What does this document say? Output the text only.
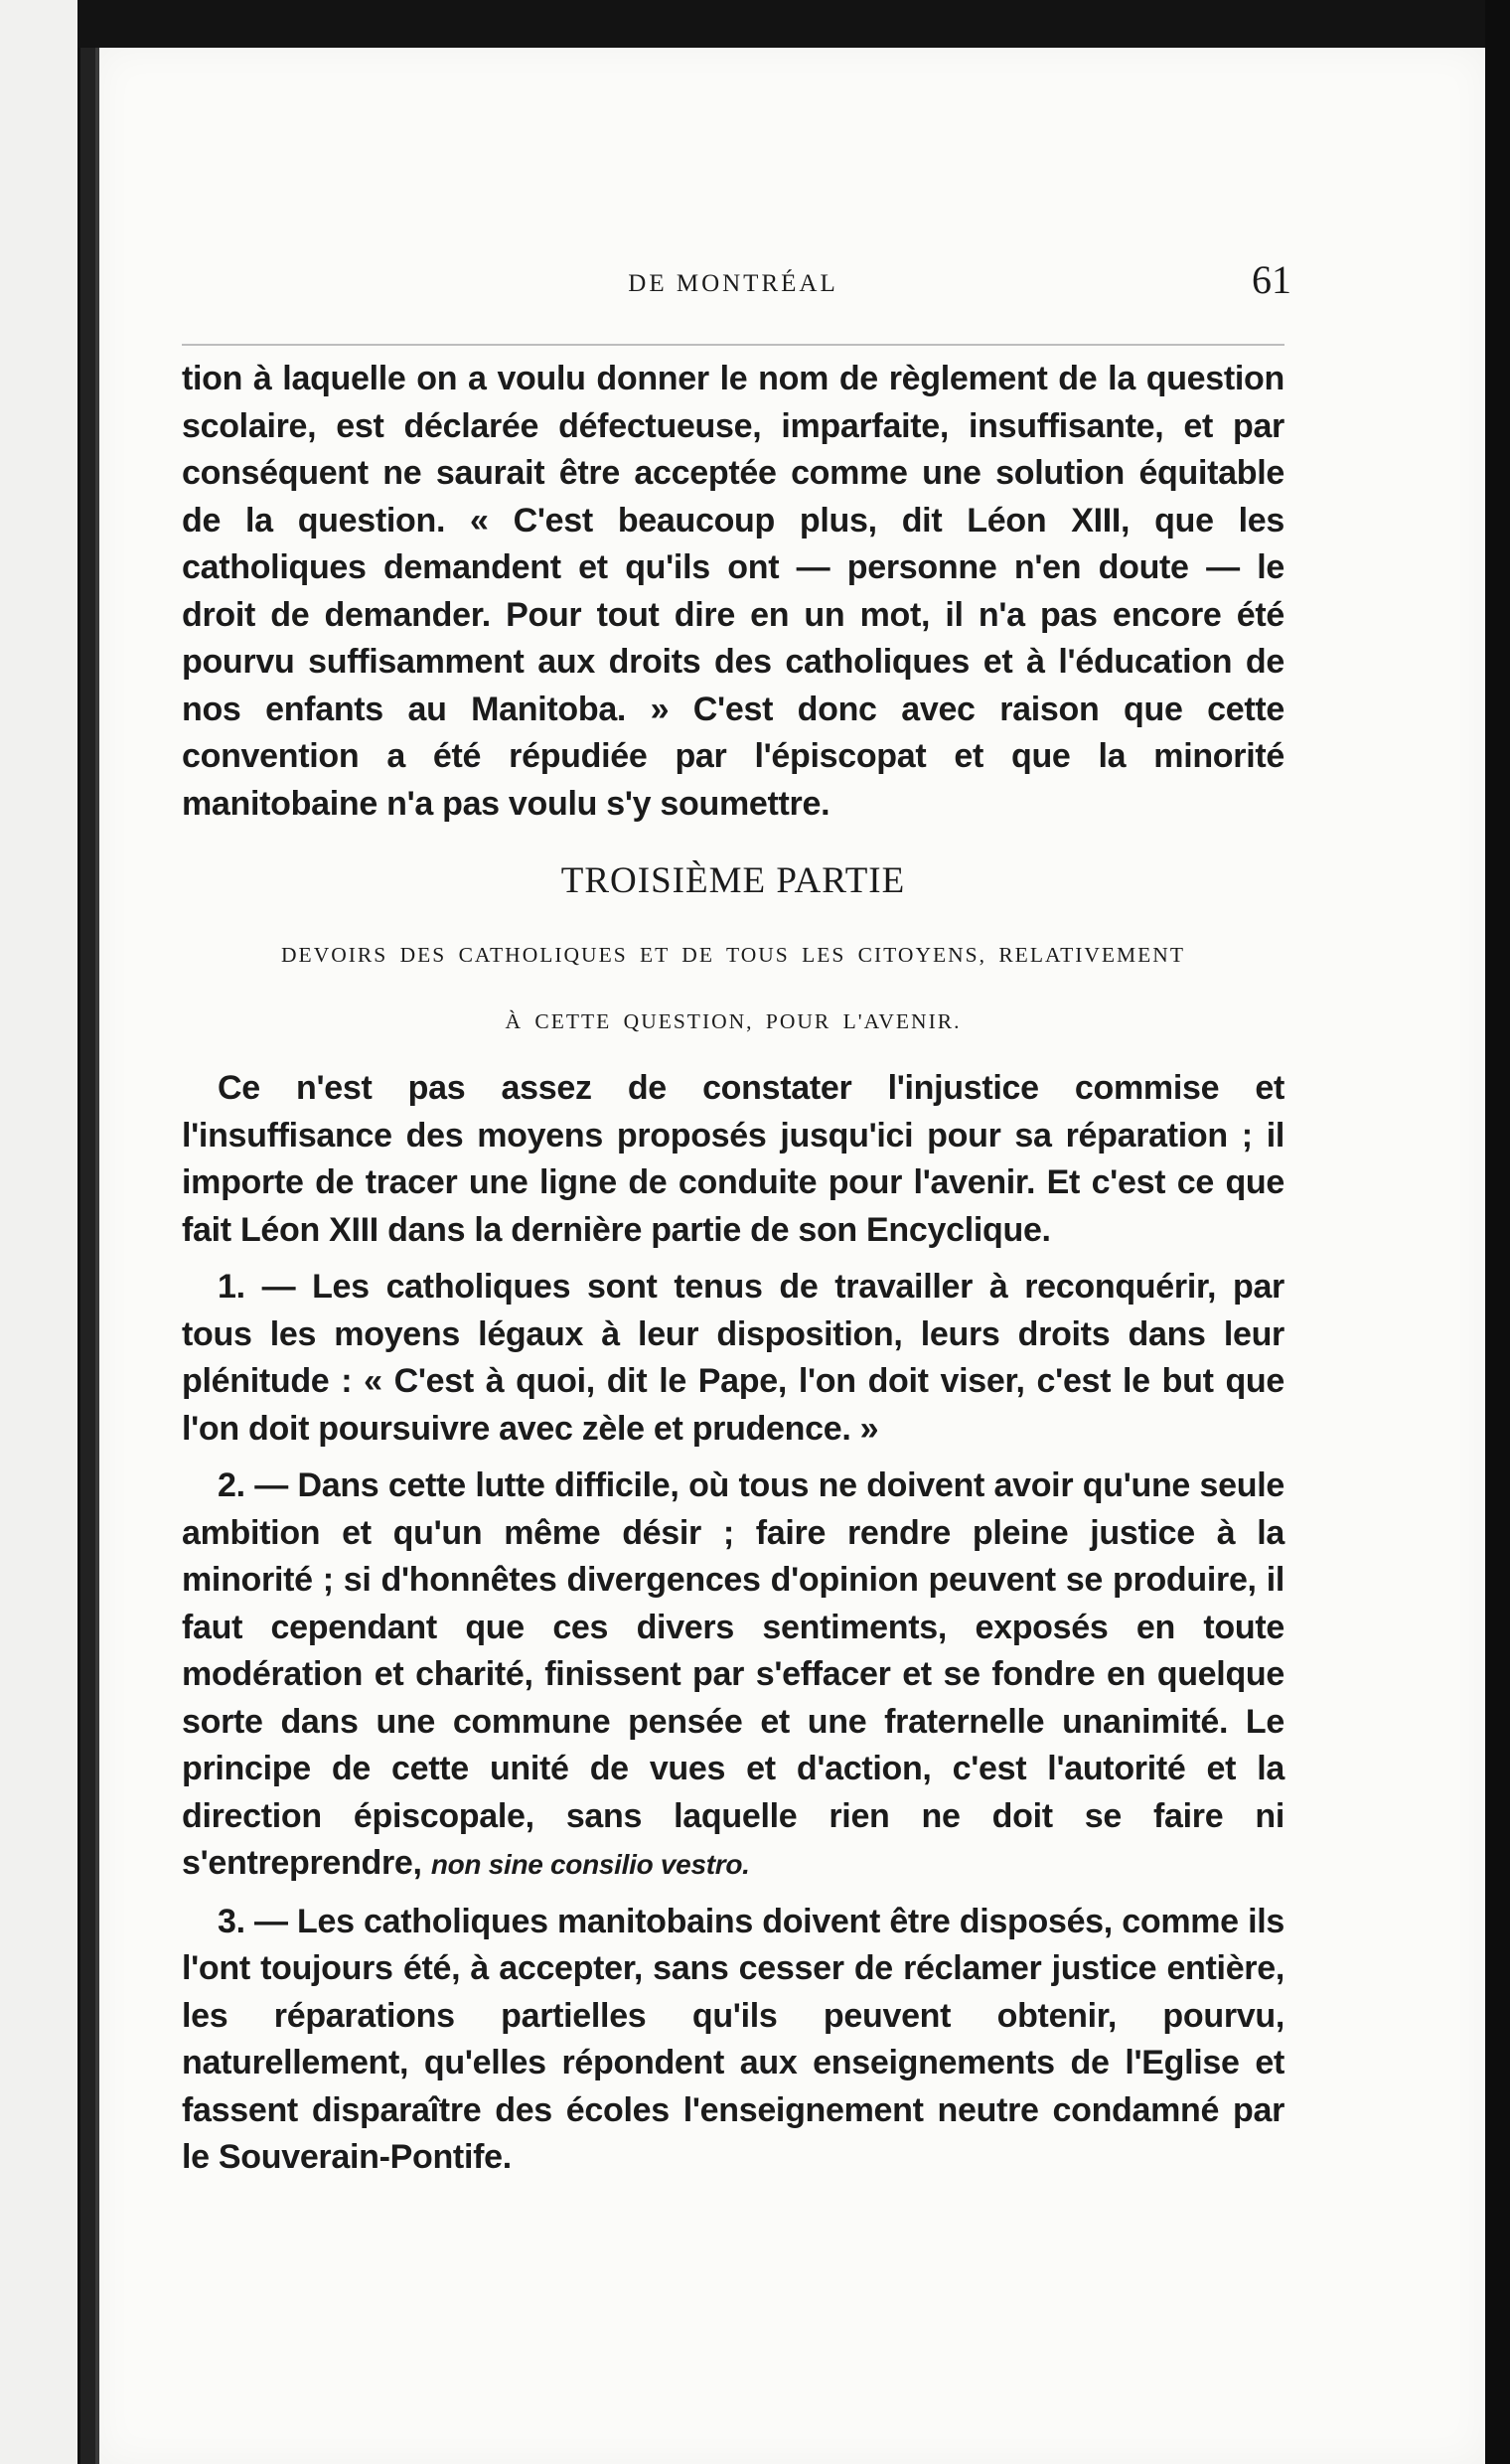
DE MONTRÉAL	61

tion à laquelle on a voulu donner le nom de règlement de la question scolaire, est déclarée défectueuse, imparfaite, insuffisante, et par conséquent ne saurait être acceptée comme une solution équitable de la question. « C'est beaucoup plus, dit Léon XIII, que les catholiques demandent et qu'ils ont — personne n'en doute — le droit de demander. Pour tout dire en un mot, il n'a pas encore été pourvu suffisamment aux droits des catholiques et à l'éducation de nos enfants au Manitoba. » C'est donc avec raison que cette convention a été répudiée par l'épiscopat et que la minorité manitobaine n'a pas voulu s'y soumettre.

TROISIÈME PARTIE
DEVOIRS DES CATHOLIQUES ET DE TOUS LES CITOYENS, RELATIVEMENT
À CETTE QUESTION, POUR L'AVENIR.

Ce n'est pas assez de constater l'injustice commise et l'insuffisance des moyens proposés jusqu'ici pour sa réparation ; il importe de tracer une ligne de conduite pour l'avenir. Et c'est ce que fait Léon XIII dans la dernière partie de son Encyclique.

1. — Les catholiques sont tenus de travailler à reconquérir, par tous les moyens légaux à leur disposition, leurs droits dans leur plénitude : « C'est à quoi, dit le Pape, l'on doit viser, c'est le but que l'on doit poursuivre avec zèle et prudence. »

2. — Dans cette lutte difficile, où tous ne doivent avoir qu'une seule ambition et qu'un même désir ; faire rendre pleine justice à la minorité ; si d'honnêtes divergences d'opinion peuvent se produire, il faut cependant que ces divers sentiments, exposés en toute modération et charité, finissent par s'effacer et se fondre en quelque sorte dans une commune pensée et une fraternelle unanimité. Le principe de cette unité de vues et d'action, c'est l'autorité et la direction épiscopale, sans laquelle rien ne doit se faire ni s'entreprendre, non sine consilio vestro.

3. — Les catholiques manitobains doivent être disposés, comme ils l'ont toujours été, à accepter, sans cesser de réclamer justice entière, les réparations partielles qu'ils peuvent obtenir, pourvu, naturellement, qu'elles répondent aux enseignements de l'Eglise et fassent disparaître des écoles l'enseignement neutre condamné par le Souverain-Pontife.
